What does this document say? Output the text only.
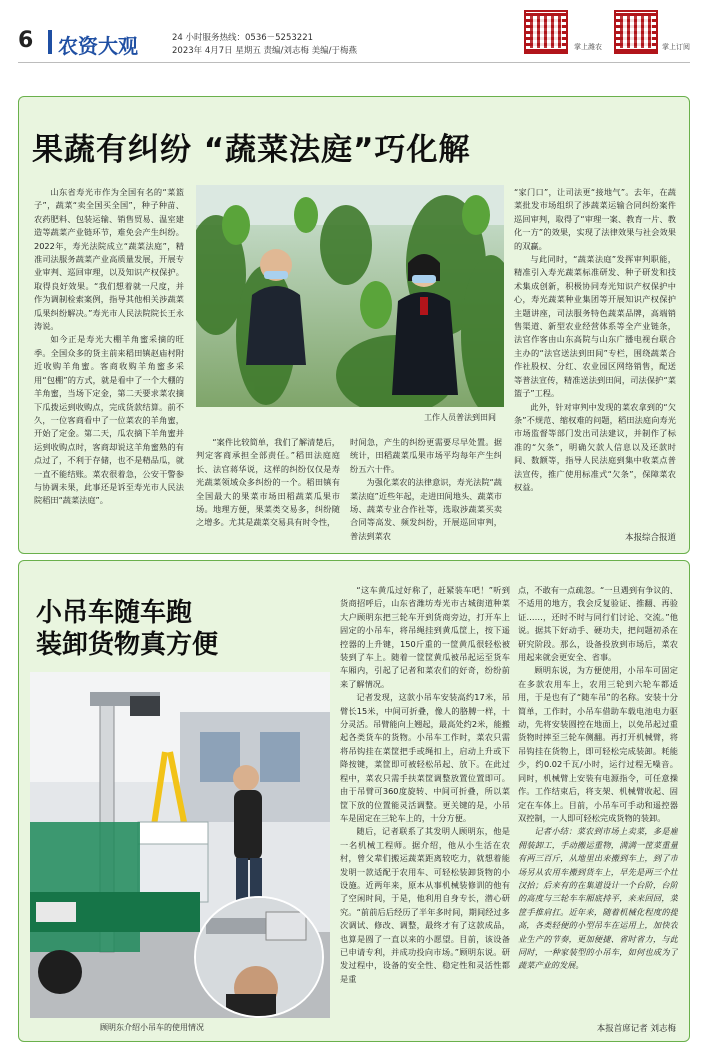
6 农资大观	24 小时服务热线：0536－5253221
2023年 4月7日 星期五 责编/刘志梅 美编/于梅燕	掌上潍农	掌上订阅
果蔬有纠纷 “蔬菜法庭”巧化解

山东省寿光市作为全国有名的“菜篮子”，蔬菜“卖全国买全国”，种子种苗、农药肥料、包装运输、销售贸易、温室建造等蔬菜产业链环节，难免会产生纠纷。2022年，寿光法院成立“蔬菜法庭”，精准司法服务蔬菜产业高质量发展，开展专业审判、巡回审理，以及知识产权保护。取得良好效果。“我们想着就一尺度，并作为调制检索案例，指导其他相关涉蔬菜瓜果纠纷解决。”寿光市人民法院院长王永涛说。

如今正是寿光大棚羊角蜜采摘的旺季。全国众多的货主前来稻田镇赵庙村附近收购羊角蜜。客商收购羊角蜜多采用“包棚”的方式，就是看中了一个大棚的羊角蜜，当场下定金，第二天要求菜农摘下瓜拨运到收购点，完成货款结算。前不久，一位客商看中了一位菜农的羊角蜜，开始了定金。第二天，瓜农摘下羊角蜜并运到收购点时，客商却说这羊角蜜熟的有点过了，不利于存储，也不是精品瓜，就一直不能结账。菜农很着急，公安干警参与协调未果，此事还是诉至寿光市人民法院稻田“蔬菜法庭”。

工作人员普法到田间

“案件比较简单，我们了解清楚后，判定客商承担全部责任。”稻田法庭庭长、法官蒋华说，这样的纠纷仅仅是寿光蔬菜领域众多纠纷的一个。稻田镇有全国最大的果菜市场田稻蔬菜瓜果市场。地理方便，果菜类交易多，纠纷随之增多。尤其是蔬菜交易具有时令性，

时间急，产生的纠纷更需要尽早处置。据统计，田稻蔬菜瓜果市场平均每年产生纠纷五六十件。

为强化菜农的法律意识，寿光法院“蔬菜法庭”近些年起，走进田间地头、蔬菜市场、蔬菜专业合作社等，选取涉蔬菜买卖合同等高发、频发纠纷，开展巡回审判，普法到菜农

“家门口”，让司法更“接地气”。去年，在蔬菜批发市场组织了涉蔬菜运输合同纠纷案件巡回审判，取得了“审理一案、教育一片、教化一方”的效果，实现了法律效果与社会效果的双赢。

与此同时，“蔬菜法庭”发挥审判职能，精准引入寿光蔬菜标准研发、种子研发和技术集成创新，积极协同寿光知识产权保护中心，寿光蔬菜种业集团等开展知识产权保护主题讲座，司法服务特色蔬菜品牌，高端销售渠道、新型农业经营体系等全产业链条，法官作客由山东高院与山东广播电视台联合主办的“法官送法到田间”专栏，围绕蔬菜合作社股权、分红、农业园区网络销售，配送等普法宣传，精准送法到田间，司法保护“菜篮子”工程。

此外，针对审判中发现的菜农拿到的“欠条”不规范、缩权难的问题，稻田法庭向寿光市场监督等部门发出司法建议，并制作了标准的“欠条”，明确欠款人信息以及还款时间、数额等，指导人民法庭到集中收菜点普法宣传，推广使用标准式“欠条”，保障菜农权益。

本报综合报道
小吊车随车跑
装卸货物真方便
顾明东介绍小吊车的使用情况

“这车黄瓜过好称了，赶紧装车吧！”听到货商招呼后，山东省潍坊寿光市古城街道种菜大户顾明东把三轮车开到货商旁边，打开车上固定的小吊车，将吊绳挂到黄瓜筐上，按下遥控器的上升键，150斤重的一筐黄瓜很轻松被装到了车上。随着一筐筐黄瓜被吊起运至货车车厢内，引起了记者和菜农们的好奇，纷纷前来了解情况。

记者发现，这款小吊车安装高约17米，吊臂长15米，中间可折叠，像人的胳膊一样，十分灵活。吊臂能向上翘起，最高处约2米，能搬起各类货车的货物。小吊车工作时，菜农只需将吊钩挂在菜筐把手或绳扣上，启动上升或下降按键，菜筐即可被轻松吊起、放下。在此过程中，菜农只需手扶菜筐调整放置位置即可。由于吊臂可360度旋转、中间可折叠，所以菜筐下放的位置能灵活调整。更关键的是，小吊车是固定在三轮车上的，十分方便。

随后，记者联系了其发明人顾明东，他是一名机械工程师。据介绍，他从小生活在农村，曾父辈们搬运蔬菜距离较吃力，就想着能发明一款适配于农用车、可轻松装卸货物的小设施。近两年来，原本从事机械装修训的他有了空闲时间，于是，他利用自身专长，潜心研究。“前前后后经历了半年多时间，期间经过多次调试、修改、调整，最终才有了这款成品，也算是圆了一直以来的小愿望。目前，该设备已申请专利，并成功投向市场。”顾明东说。研发过程中，设备的安全性、稳定性和灵活性都是重

点，不敢有一点疏忽。“一旦遇到有争议的、不适用的地方，我会反复验证、推翻、再验证……，还时不时与同行们讨论、交流。”他说。据其下好动手、硬功夫，把问题初杀在研究阶段。那么，设备投放到市场后，菜农用起来就会更安全、省事。

顾明东说，为方便使用，小吊车可固定在多款农用车上，农用三轮到六轮车都适用，于是也有了“随车吊”的名称。安装十分简单，工作时，小吊车借助车载电池电力驱动，先将安装圆控在地面上，以免吊起过重货物时摔至三轮车侧翻。再打开机械臂，将吊钩挂在货物上，即可轻松完成装卸。耗能少，约0.02千瓦/小时，运行过程无噪音。同时，机械臂上安装有电源指令，可任意操作。工作结束后，将支架、机械臂收起、固定在车体上。目前，小吊车可手动和遥控器双控制，一人即可轻松完成货物的装卸。

记者小结：菜农到市场上卖菜，多是雇佣装卸工，手动搬运重物，满满一筐菜重量有两三百斤，从地里出来搬到车上，到了市场另从农用车搬到货车上，早先是两三个壮汉抬；后来有的在集道设计一个台阶，台阶的高度与三轮车车厢底持平，来来回回，菜筐手推肩扛。近年来，随着机械化程度的提高，各类轻便的小型吊车在运用上，加快农业生产的节奏，更加便捷、省时省力，与此同时，一种家装型的小吊车，如何也成为了蔬菜产业的发展。

本报首席记者 刘志梅
